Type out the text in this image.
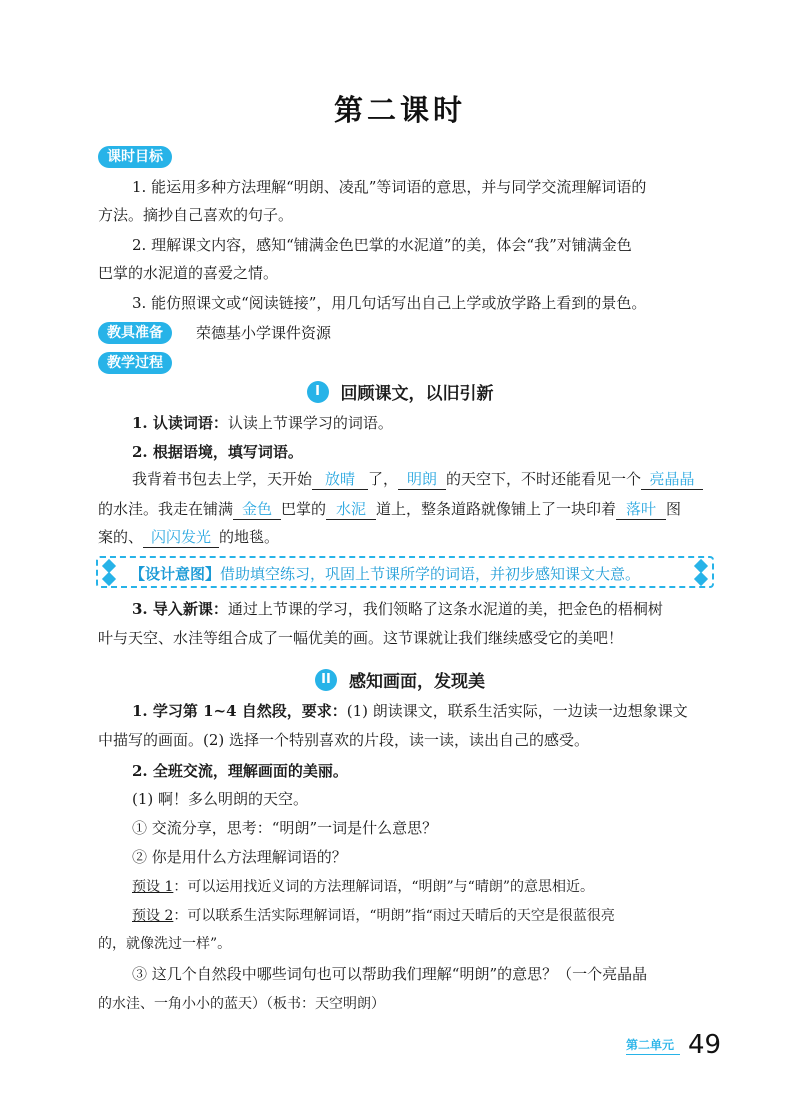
第二课时
课时目标
1. 能运用多种方法理解“明朗、凌乱”等词语的意思，并与同学交流理解词语的
方法。摘抄自己喜欢的句子。
2. 理解课文内容，感知“铺满金色巴掌的水泥道”的美，体会“我”对铺满金色
巴掌的水泥道的喜爱之情。
3. 能仿照课文或“阅读链接”，用几句话写出自己上学或放学路上看到的景色。
教具准备	荣德基小学课件资源
教学过程
I 回顾课文，以旧引新
1. 认读词语：认读上节课学习的词语。
2. 根据语境，填写词语。
我背着书包去上学，天开始 放晴 了， 明朗 的天空下，不时还能看见一个 亮晶晶
的水洼。我走在铺满 金色 巴掌的 水泥 道上，整条道路就像铺上了一块印着 落叶 图
案的、 闪闪发光 的地毯。
【设计意图】借助填空练习，巩固上节课所学的词语，并初步感知课文大意。
3. 导入新课：通过上节课的学习，我们领略了这条水泥道的美，把金色的梧桐树
叶与天空、水洼等组合成了一幅优美的画。这节课就让我们继续感受它的美吧！
II 感知画面，发现美
1. 学习第 1~4 自然段，要求：(1) 朗读课文，联系生活实际，一边读一边想象课文
中描写的画面。(2) 选择一个特别喜欢的片段，读一读，读出自己的感受。
2. 全班交流，理解画面的美丽。
(1) 啊！多么明朗的天空。
① 交流分享，思考：“明朗”一词是什么意思？
② 你是用什么方法理解词语的？
预设 1：可以运用找近义词的方法理解词语，“明朗”与“晴朗”的意思相近。
预设 2：可以联系生活实际理解词语，“明朗”指“雨过天晴后的天空是很蓝很亮
的，就像洗过一样”。
③ 这几个自然段中哪些词句也可以帮助我们理解“明朗”的意思？（一个亮晶晶
的水洼、一角小小的蓝天）（板书：天空明朗）
第二单元 49
